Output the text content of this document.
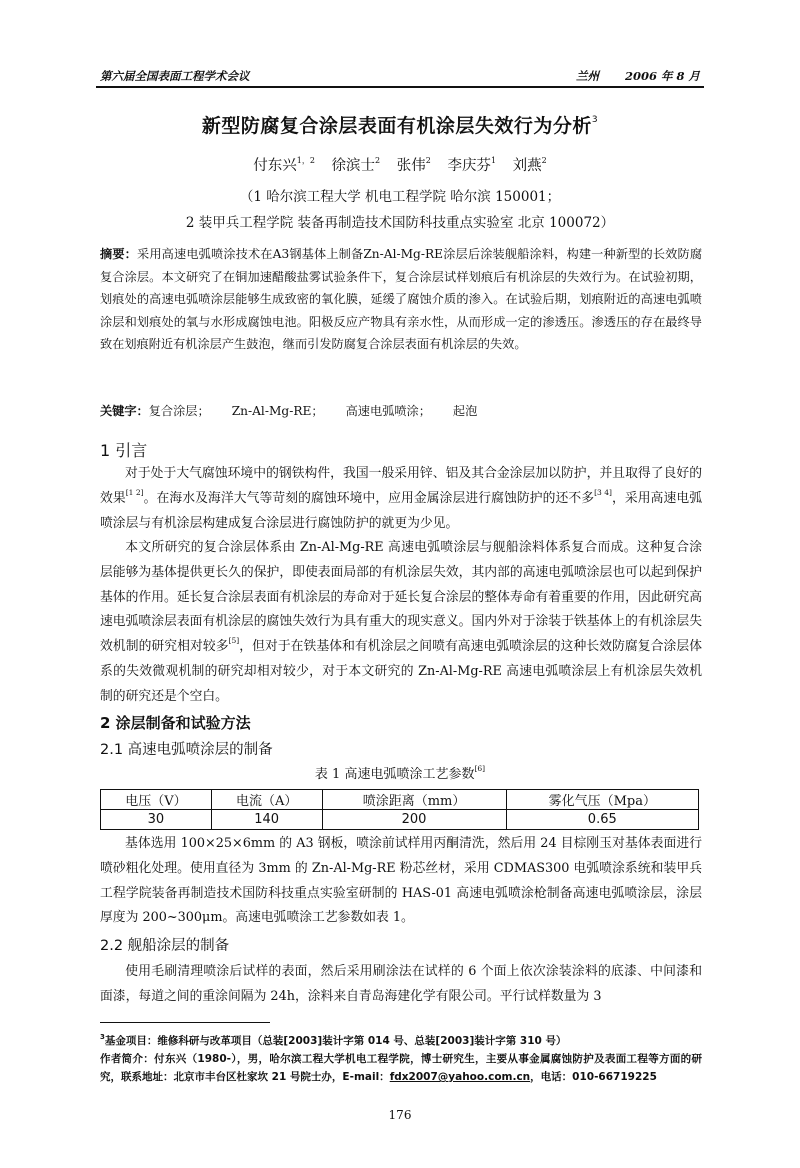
第六届全国表面工程学术会议	兰州 2006 年 8 月
新型防腐复合涂层表面有机涂层失效行为分析$^3$
付东兴$^{1,2}$ 徐滨士$^2$ 张伟$^2$ 李庆芬$^1$ 刘燕$^2$
（1 哈尔滨工程大学 机电工程学院 哈尔滨 150001；
2 装甲兵工程学院 装备再制造技术国防科技重点实验室 北京 100072）
摘要：采用高速电弧喷涂技术在A3钢基体上制备Zn-Al-Mg-RE涂层后涂装舰船涂料，构建一种新型的长效防腐复合涂层。本文研究了在铜加速醋酸盐雾试验条件下，复合涂层试样划痕后有机涂层的失效行为。在试验初期，划痕处的高速电弧喷涂层能够生成致密的氧化膜，延缓了腐蚀介质的渗入。在试验后期，划痕附近的高速电弧喷涂层和划痕处的氧与水形成腐蚀电池。阳极反应产物具有亲水性，从而形成一定的渗透压。渗透压的存在最终导致在划痕附近有机涂层产生鼓泡，继而引发防腐复合涂层表面有机涂层的失效。
关键字：复合涂层； Zn-Al-Mg-RE； 高速电弧喷涂； 起泡
1 引言
对于处于大气腐蚀环境中的钢铁构件，我国一般采用锌、铝及其合金涂层加以防护，并且取得了良好的效果[1 2]。在海水及海洋大气等苛刻的腐蚀环境中，应用金属涂层进行腐蚀防护的还不多[3 4]，采用高速电弧喷涂层与有机涂层构建成复合涂层进行腐蚀防护的就更为少见。
本文所研究的复合涂层体系由 Zn-Al-Mg-RE 高速电弧喷涂层与舰船涂料体系复合而成。这种复合涂层能够为基体提供更长久的保护，即使表面局部的有机涂层失效，其内部的高速电弧喷涂层也可以起到保护基体的作用。延长复合涂层表面有机涂层的寿命对于延长复合涂层的整体寿命有着重要的作用，因此研究高速电弧喷涂层表面有机涂层的腐蚀失效行为具有重大的现实意义。国内外对于涂装于铁基体上的有机涂层失效机制的研究相对较多[5]，但对于在铁基体和有机涂层之间喷有高速电弧喷涂层的这种长效防腐复合涂层体系的失效微观机制的研究却相对较少，对于本文研究的 Zn-Al-Mg-RE 高速电弧喷涂层上有机涂层失效机制的研究还是个空白。
2 涂层制备和试验方法
2.1 高速电弧喷涂层的制备
表 1 高速电弧喷涂工艺参数[6]
电压（V）	电流（A）	喷涂距离（mm）	雾化气压（Mpa）
30	140	200	0.65
基体选用 100×25×6mm 的 A3 钢板，喷涂前试样用丙酮清洗，然后用 24 目棕刚玉对基体表面进行喷砂粗化处理。使用直径为 3mm 的 Zn-Al-Mg-RE 粉芯丝材，采用 CDMAS300 电弧喷涂系统和装甲兵工程学院装备再制造技术国防科技重点实验室研制的 HAS-01 高速电弧喷涂枪制备高速电弧喷涂层，涂层厚度为 200~300μm。高速电弧喷涂工艺参数如表 1。
2.2 舰船涂层的制备
使用毛刷清理喷涂后试样的表面，然后采用刷涂法在试样的 6 个面上依次涂装涂料的底漆、中间漆和面漆，每道之间的重涂间隔为 24h，涂料来自青岛海建化学有限公司。平行试样数量为 3
$^3$基金项目：维修科研与改革项目（总装[2003]装计字第 014 号、总装[2003]装计字第 310 号）
作者简介：付东兴（1980-），男，哈尔滨工程大学机电工程学院，博士研究生，主要从事金属腐蚀防护及表面工程等方面的研究，联系地址：北京市丰台区杜家坎 21 号院士办，E-mail：fdx2007@yahoo.com.cn，电话：010-66719225
176
